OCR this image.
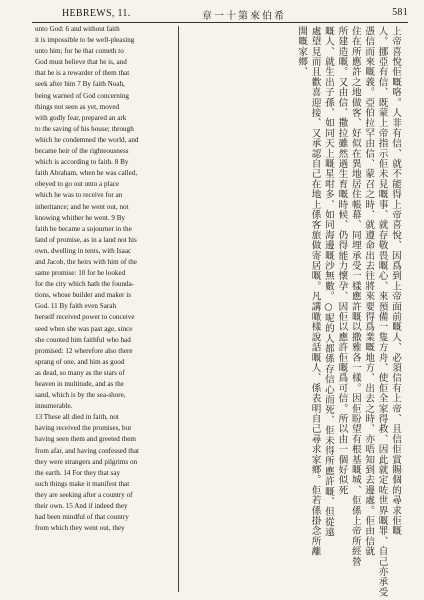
HEBREWS, 11.	章一十第來伯希	581
unto God: 6 and without faith
it is impossible to be well-pleasing
unto him; for he that cometh to
God must believe that he is, and
that he is a rewarder of them that
seek after him 7 By faith Noah,
being warned of God concerning
things not seen as yet, moved
with godly fear, prepared an ark
to the saving of his house; through
which he condemned the world, and
became heir of the righteousness
which is according to faith. 8 By
faith Abraham, when he was called,
obeyed to go out unto a place
which he was to receive for an
inheritance; and he went out, not
knowing whither he went. 9 By
faith he became a sojourner in the
land of promise, as in a land not his
own, dwelling in tents, with Isaac
and Jacob, the heirs with him of the
same promise: 10 for he looked
for the city which hath the founda-
tions, whose builder and maker is
God. 11 By faith even Sarah
herself received power to conceive
seed when she was past age, since
she counted him faithful who had
promised: 12 wherefore also there
sprang of one, and him as good
as dead, so many as the stars of
heaven in multitude, and as the
sand, which is by the sea-shore,
innumerable.
13 These all died in faith, not
having received the promises, but
having seen them and greeted them
from afar, and having confessed that
they were strangers and pilgrims on
the earth. 14 For they that say
such things make it manifest that
they are seeking after a country of
their own. 15 And if indeed they
had been mindful of that country
from which they went out, they	上帝喜悅佢嘅咯。人非有信、就不能得上帝喜悅、因爲到上帝面前嘅人、必須信有上帝、且信佢賞賜個的尋求佢嘅
人。挪亞有信、既蒙上帝指示佢未見嘅事、就存敬畏嘅心、來預備一隻方舟、使佢全家得救、因此就定咗世界嘅罪、自己亦承受
憑信而來嘅義。亞伯拉罕由信、蒙召之時、就遵命出去往將來要得爲業嘅地方、出去之時、亦唔知到去邊處。佢由信就
住在所應許之地做客、好似在異地居住帳幕、同埋承受一樣應許嘅以撒雅各一樣。因佢盼望有根基嘅城、佢係上帝所經營
所建造嘅。又由信、撒拉雖然過生育嘅時候、仍得能力懷孕、因佢以應許佢嘅爲可信。所以由一個好似死
嘅人、就生出子孫、如同天上嘅星咁多、如同海邊嘅沙無數。○呢的人都係存信心而死、佢未得所應許嘅、但從遠
處望見而且歡喜迎接、又承認自己在地上係客旅做寄居嘅。凡講噉樣說話嘅人、係表明自己尋求家鄉。佢若係掛念所離
開嘅家鄉、
